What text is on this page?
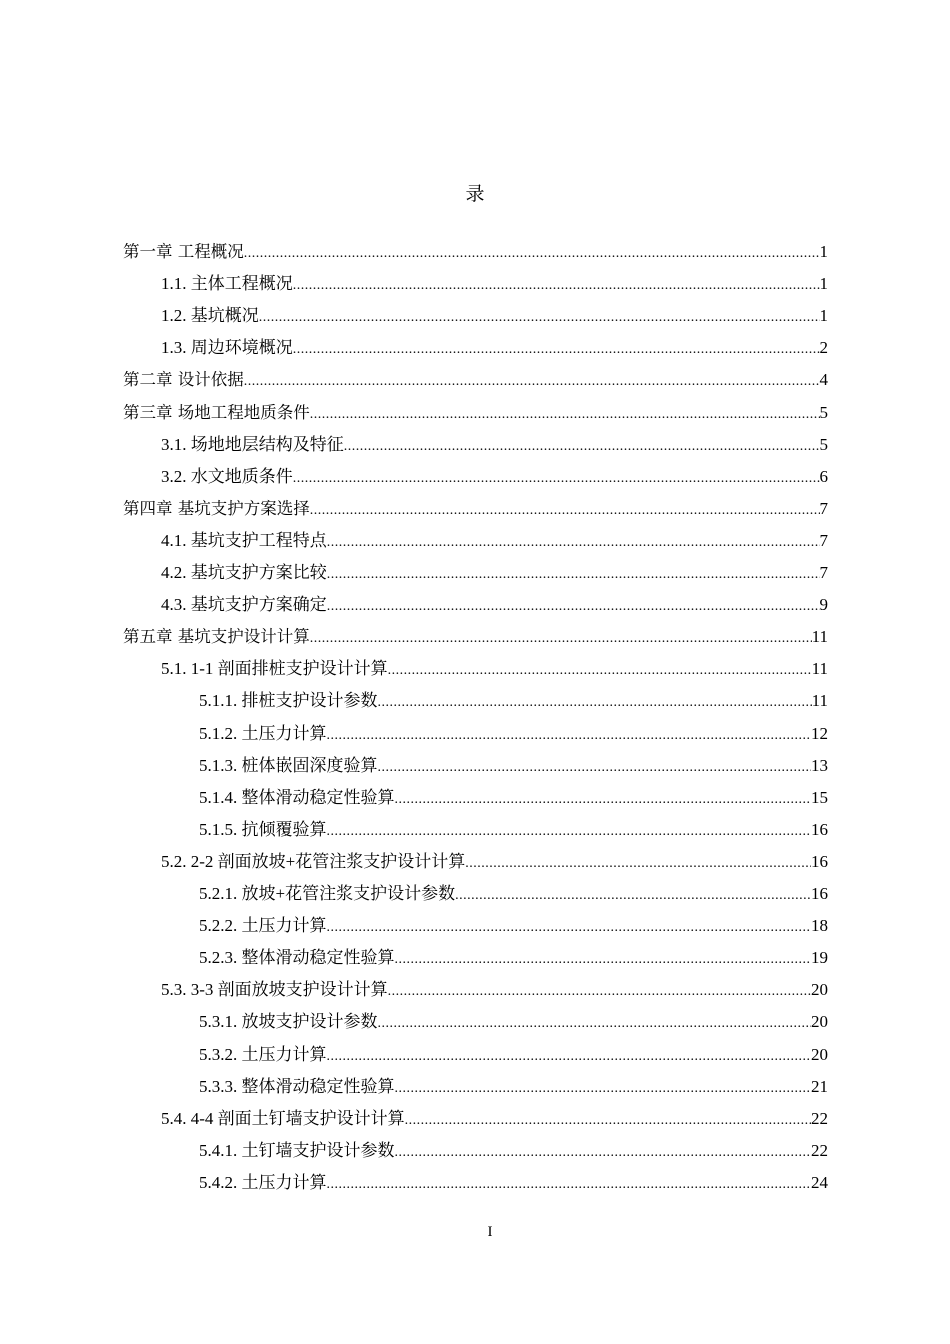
录
第一章 工程概况 .....	1
1.1. 主体工程概况 .....	1
1.2. 基坑概况 .....	1
1.3. 周边环境概况 .....	2
第二章 设计依据 .....	4
第三章 场地工程地质条件 .....	5
3.1. 场地地层结构及特征 .....	5
3.2. 水文地质条件 .....	6
第四章 基坑支护方案选择 .....	7
4.1. 基坑支护工程特点 .....	7
4.2. 基坑支护方案比较 .....	7
4.3. 基坑支护方案确定 .....	9
第五章 基坑支护设计计算 .....	11
5.1. 1-1 剖面排桩支护设计计算 .....	11
5.1.1. 排桩支护设计参数 .....	11
5.1.2. 土压力计算 .....	12
5.1.3. 桩体嵌固深度验算 .....	13
5.1.4. 整体滑动稳定性验算 .....	15
5.1.5. 抗倾覆验算 .....	16
5.2. 2-2 剖面放坡+花管注浆支护设计计算 .....	16
5.2.1. 放坡+花管注浆支护设计参数 .....	16
5.2.2. 土压力计算 .....	18
5.2.3. 整体滑动稳定性验算 .....	19
5.3. 3-3 剖面放坡支护设计计算 .....	20
5.3.1. 放坡支护设计参数 .....	20
5.3.2. 土压力计算 .....	20
5.3.3. 整体滑动稳定性验算 .....	21
5.4. 4-4 剖面土钉墙支护设计计算 .....	22
5.4.1. 土钉墙支护设计参数 .....	22
5.4.2. 土压力计算 .....	24
I
